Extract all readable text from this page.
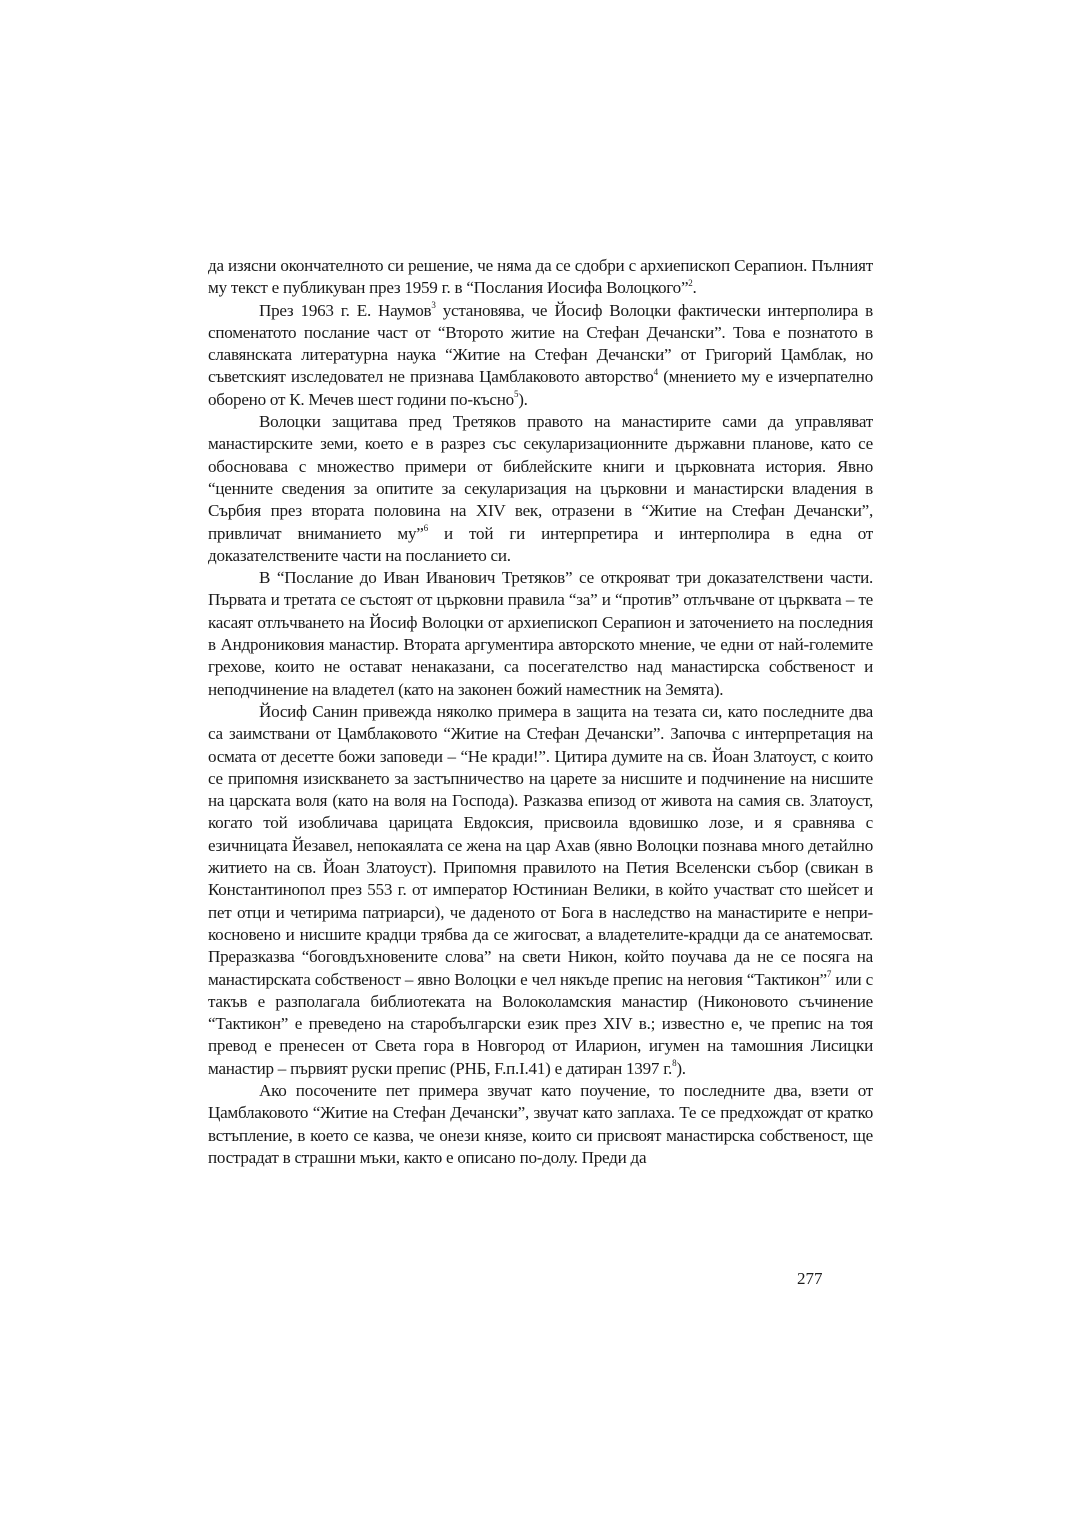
да изясни окончателното си решение, че няма да се сдобри с архиепископ Серапион. Пълният му текст е публикуван през 1959 г. в “Послания Иосифа Волоцкого”$^2$.

През 1963 г. Е. Наумов$^3$ установява, че Йосиф Волоцки фактически интерполира в споменатото послание част от “Второто житие на Стефан Дечански”. Това е познатото в славянската литературна наука “Житие на Стефан Дечански” от Григорий Цамблак, но съветският изследовател не признава Цамблаковото авторство$^4$ (мнението му е изчерпателно оборено от К. Мечев шест години по-късно$^5$).

Волоцки защитава пред Третяков правото на манастирите сами да управляват манастирските земи, което е в разрез със секуларизационните държавни планове, като се обосновава с множество примери от библейските книги и църковната история. Явно “ценните сведения за опитите за секуларизация на църковни и манастирски владения в Сърбия през втората половина на XIV век, отразени в “Житие на Стефан Дечански”, привличат вниманието му”$^6$ и той ги интерпретира и интерполира в една от доказателствените части на посланието си.

В “Послание до Иван Иванович Третяков” се открояват три доказателствени части. Първата и третата се състоят от църковни правила “за” и “против” отлъчване от църквата – те касаят отлъчването на Йосиф Волоцки от архиепископ Серапион и заточението на последния в Андрониковия манастир. Втората аргументира авторското мнение, че едни от най-големите грехове, които не остават ненаказани, са посегателство над манастирска собственост и неподчинение на владетел (като на законен божий наместник на Земята).

Йосиф Санин привежда няколко примера в защита на тезата си, като последните два са заимствани от Цамблаковото “Житие на Стефан Дечански”. Започва с интерпретация на осмата от десетте божи заповеди – “Не кради!”. Цитира думите на св. Йоан Златоуст, с които се припомня изискването за застъпничество на царете за нисшите и подчинение на нисшите на царската воля (като на воля на Господа). Разказва епизод от живота на самия св. Златоуст, когато той изобличава царицата Евдоксия, присвоила вдовишко лозе, и я сравнява с езичницата Йезавел, непокаялата се жена на цар Ахав (явно Волоцки познава много детайлно житието на св. Йоан Златоуст). Припомня правилото на Петия Вселенски събор (свикан в Константинопол през 553 г. от император Юстиниан Велики, в който участват сто шейсет и пет отци и четирима патриарси), че даденото от Бога в наследство на манастирите е непри-косновено и нисшите крадци трябва да се жигосват, а владетелите-крадци да се анатемосват. Преразказва “боговдъхновените слова” на свети Никон, който поучава да не се посяга на манастирската собственост – явно Волоцки е чел някъде препис на неговия “Тактикон”$^7$ или с такъв е разполагала библиотеката на Волоколамския манастир (Никоновото съчинение “Тактикон” е преведено на старобългарски език през XIV в.; известно е, че препис на тоя превод е пренесен от Света гора в Новгород от Иларион, игумен на тамошния Лисицки манастир – първият руски препис (РНБ, F.п.I.41) е датиран 1397 г.$^8$).

Ако посочените пет примера звучат като поучение, то последните два, взети от Цамблаковото “Житие на Стефан Дечански”, звучат като заплаха. Те се предхождат от кратко встъпление, в което се казва, че онези князе, които си присвоят манастирска собственост, ще пострадат в страшни мъки, както е описано по-долу. Преди да

277
